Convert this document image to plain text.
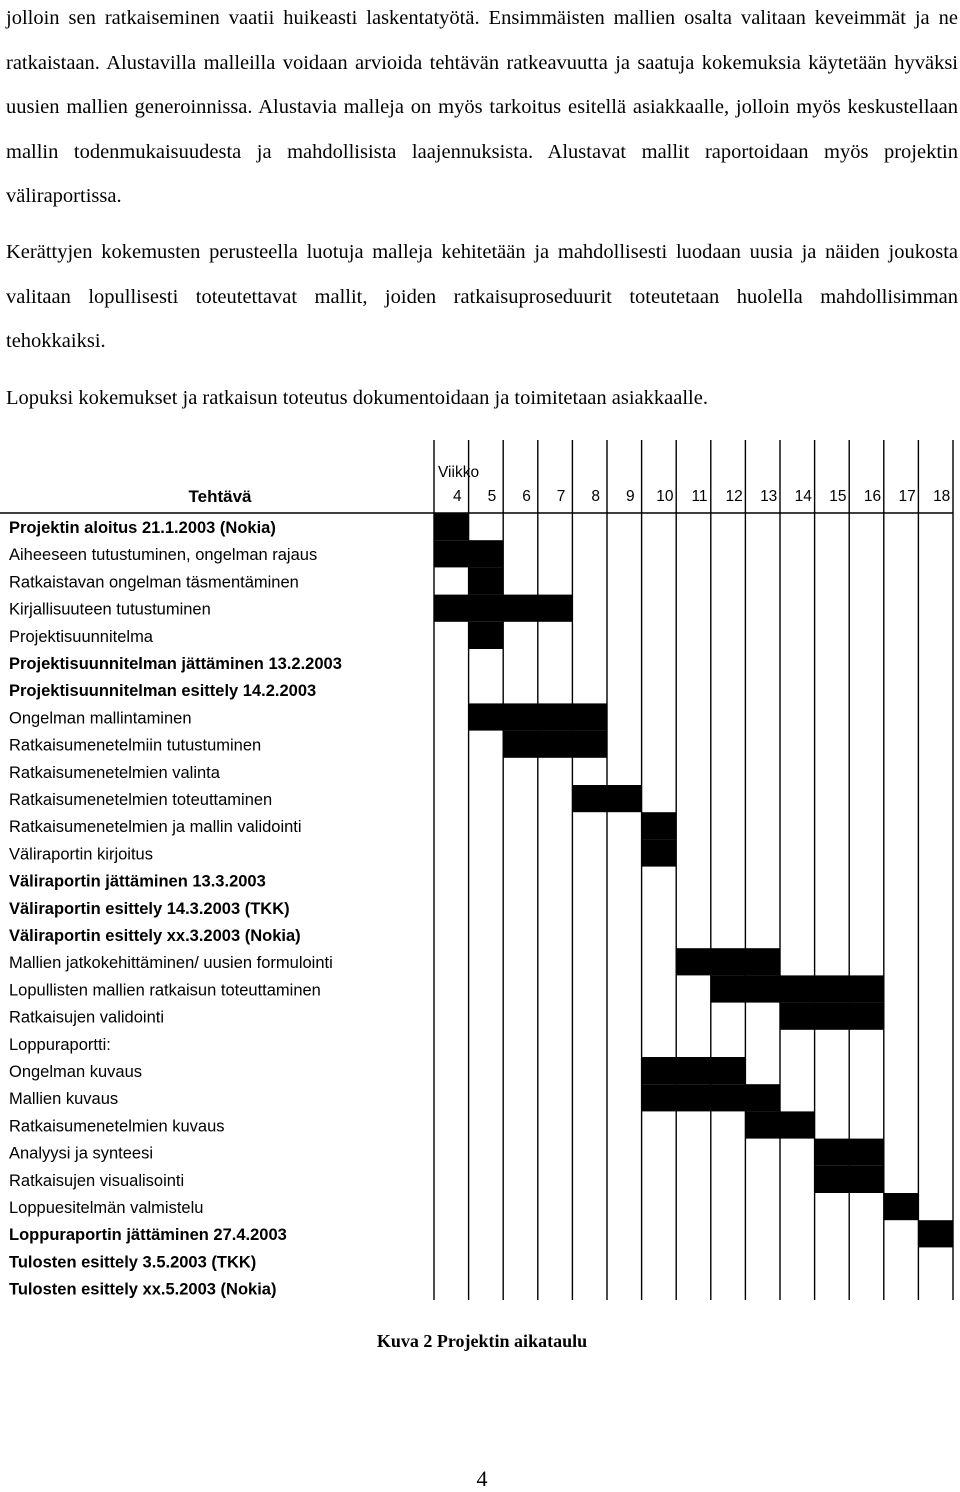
jolloin sen ratkaiseminen vaatii huikeasti laskentatyötä. Ensimmäisten mallien osalta valitaan keveimmät ja ne ratkaistaan. Alustavilla malleilla voidaan arvioida tehtävän ratkeavuutta ja saatuja kokemuksia käytetään hyväksi uusien mallien generoinnissa. Alustavia malleja on myös tarkoitus esitellä asiakkaalle, jolloin myös keskustellaan mallin todenmukaisuudesta ja mahdollisista laajennuksista. Alustavat mallit raportoidaan myös projektin väliraportissa.

Kerättyjen kokemusten perusteella luotuja malleja kehitetään ja mahdollisesti luodaan uusia ja näiden joukosta valitaan lopullisesti toteutettavat mallit, joiden ratkaisuproseduurit toteutetaan huolella mahdollisimman tehokkaiksi.

Lopuksi kokemukset ja ratkaisun toteutus dokumentoidaan ja toimitetaan asiakkaalle.

Tehtävä
Viikko
4 5 6 7 8 9 10 11 12 13 14 15 16 17 18
Projektin aloitus 21.1.2003 (Nokia)
Aiheeseen tutustuminen, ongelman rajaus
Ratkaistavan ongelman täsmentäminen
Kirjallisuuteen tutustuminen
Projektisuunnitelma
Projektisuunnitelman jättäminen 13.2.2003
Projektisuunnitelman esittely 14.2.2003
Ongelman mallintaminen
Ratkaisumenetelmiin tutustuminen
Ratkaisumenetelmien valinta
Ratkaisumenetelmien toteuttaminen
Ratkaisumenetelmien ja mallin validointi
Väliraportin kirjoitus
Väliraportin jättäminen 13.3.2003
Väliraportin esittely 14.3.2003 (TKK)
Väliraportin esittely xx.3.2003 (Nokia)
Mallien jatkokehittäminen/ uusien formulointi
Lopullisten mallien ratkaisun toteuttaminen
Ratkaisujen validointi
Loppuraportti:
Ongelman kuvaus
Mallien kuvaus
Ratkaisumenetelmien kuvaus
Analyysi ja synteesi
Ratkaisujen visualisointi
Loppuesitelmän valmistelu
Loppuraportin jättäminen 27.4.2003
Tulosten esittely 3.5.2003 (TKK)
Tulosten esittely xx.5.2003 (Nokia)
Kuva 2 Projektin aikataulu
4
